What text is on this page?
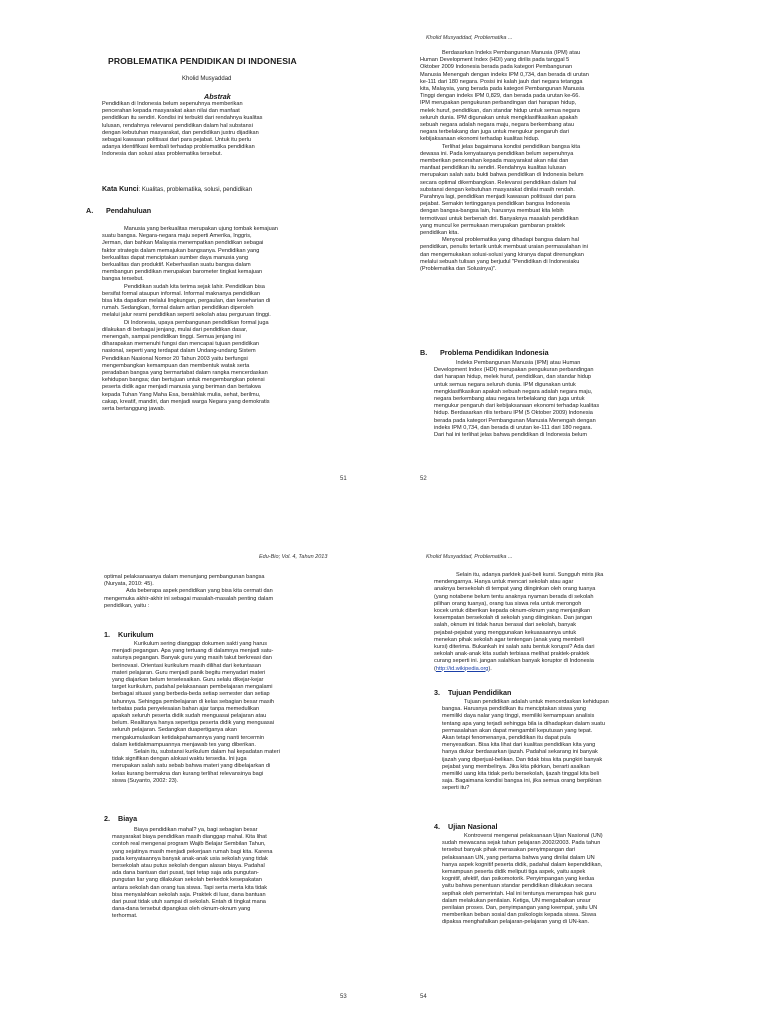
PROBLEMATIKA PENDIDIKAN DI INDONESIA
Kholid Musyaddad
Abstrak
Pendidikan di Indonesia belum sepenuhnya memberikan
pencerahan kepada masyarakat akan nilai dan manfaat
pendidikan itu sendiri. Kondisi ini terbukti dari rendahnya kualitas
lulusan, rendahnya relevansi pendidikan dalam hal substansi
dengan kebutuhan masyarakat, dan pendidikan justru dijadikan
sebagai kawasan politisasi dari para pejabat. Untuk itu perlu
adanya identifikasi kembali terhadap problematika pendidikan
Indonesia dan solusi atas problematika tersebut.
Kata Kunci: Kualitas, problematika, solusi, pendidikan
A. Pendahuluan
Manusia yang berkualitas merupakan ujung tombak kemajuan
suatu bangsa. Negara-negara maju seperti Amerika, Inggris,
Jerman, dan bahkan Malaysia menempatkan pendidikan sebagai
faktor strategis dalam memajukan bangsanya. Pendidikan yang
berkualitas dapat menciptakan sumber daya manusia yang
berkualitas dan produktif. Keberhasilan suatu bangsa dalam
membangun pendidikan merupakan barometer tingkat kemajuan
bangsa tersebut.
Pendidikan sudah kita terima sejak lahir. Pendidikan bisa
bersifat formal ataupun informal. Informal maknanya pendidikan
bisa kita dapatkan melalui lingkungan, pergaulan, dan keseharian di
rumah. Sedangkan, formal dalam artian pendidikan diperoleh
melalui jalur resmi pendidikan seperti sekolah atau perguruan tinggi.
Di Indonesia, upaya pembangunan pendidikan formal juga
dilakukan di berbagai jenjang, mulai dari pendidikan dasar,
menengah, sampai pendidikan tinggi. Semua jenjang ini
diharapakan memenuhi fungsi dan mencapai tujuan pendidikan
nasional, seperti yang terdapat dalam Undang-undang Sistem
Pendidikan Nasional Nomor 20 Tahun 2003 yaitu berfungsi
mengembangkan kemampuan dan membentuk watak serta
peradaban bangsa yang bermartabat dalam rangka mencerdaskan
kehidupan bangsa; dan bertujuan untuk mengembangkan potensi
peserta didik agar menjadi manusia yang beriman dan bertakwa
kepada Tuhan Yang Maha Esa, berakhlak mulia, sehat, berilmu,
cakap, kreatif, mandiri, dan menjadi warga Negara yang demokratis
serta bertanggung jawab.
51
Kholid Musyaddad, Problematika ...
Berdasarkan Indeks Pembangunan Manusia (IPM) atau
Human Development Index (HDI) yang dirilis pada tanggal 5
Oktober 2009 Indonesia berada pada kategori Pembangunan
Manusia Menengah dengan indeks IPM 0,734, dan berada di urutan
ke-111 dari 180 negara. Posisi ini kalah jauh dari negara tetangga
kita, Malaysia, yang berada pada kategori Pembangunan Manusia
Tinggi dengan indeks IPM 0,829, dan berada pada urutan ke-66.
IPM merupakan pengukuran perbandingan dari harapan hidup,
melek huruf, pendidikan, dan standar hidup untuk semua negara
seluruh dunia. IPM digunakan untuk mengklasifikasikan apakah
sebuah negara adalah negara maju, negara berkembang atau
negara terbelakang dan juga untuk mengukur pengaruh dari
kebijaksanaan ekonomi terhadap kualitas hidup.
Terlihat jelas bagaimana kondisi pendidikan bangsa kita
dewasa ini. Pada kenyataanya pendidikan belum sepenuhnya
memberikan pencerahan kepada masyarakat akan nilai dan
manfaat pendidikan itu sendiri. Rendahnya kualitas lulusan
merupakan salah satu bukti bahwa pendidikan di Indonesia belum
secara optimal dikembangkan. Relevansi pendidikan dalam hal
substansi dengan kebutuhan masyarakat dinilai masih rendah.
Parahnya lagi, pendidikan menjadi kawasan politisasi dari para
pejabat. Semakin tertingganya pendidikan bangsa Indonesia
dengan bangsa-bangsa lain, harusnya membuat kita lebih
termotivasi untuk berbenah diri. Banyaknya masalah pendidikan
yang muncul ke permukaan merupakan gambaran praktek
pendidikan kita.
Menyoal problematika yang dihadapi bangsa dalam hal
pendidikan, penulis tertarik untuk membuat uraian permasalahan ini
dan mengemukakan solusi-solusi yang kiranya dapat direnungkan
melalui sebuah tulisan yang berjudul "Pendidikan di Indonesiaku
(Problematika dan Solusinya)".
B. Problema Pendidikan Indonesia
Indeks Pembangunan Manusia (IPM) atau Human
Development Index (HDI) merupakan pengukuran perbandingan
dari harapan hidup, melek huruf, pendidikan, dan standar hidup
untuk semua negara seluruh dunia. IPM digunakan untuk
mengklasifikasikan apakah sebuah negara adalah negara maju,
negara berkembang atau negara terbelakang dan juga untuk
mengukur pengaruh dari kebijaksanaan ekonomi terhadap kualitas
hidup. Berdasarkan rilis terbaru IPM (5 Oktober 2009) Indonesia
berada pada kategori Pembangunan Manusia Menengah dengan
indeks IPM 0,734, dan berada di urutan ke-111 dari 180 negara.
Dari hal ini terlihat jelas bahwa pendidikan di Indonesia belum
52
Edu-Bio; Vol. 4, Tahun 2013
optimal pelaksanaanya dalam menunjang pembangunan bangsa
(Nuryata, 2010: 45).
Ada beberapa aspek pendidikan yang bisa kita cermati dan
mengemuka akhir-akhir ini sebagai masalah-masalah penting dalam
pendidikan, yaitu :
1. Kurikulum
Kurikulum sering dianggap dokumen sakti yang harus
menjadi pegangan. Apa yang tertuang di dalamnya menjadi satu-
satunya pegangan. Banyak guru yang masih takut berkreasi dan
berinovasi. Orientasi kurikulum masih dilihat dari ketuntasan
materi pelajaran. Guru menjadi panik begitu menyadari materi
yang diajarkan belum terselesaikan. Guru selalu dikejar-kejar
target kurikulum, padahal pelaksanaan pembelajaran mengalami
berbagai situasi yang berbeda-beda setiap semester dan setiap
tahunnya. Sehingga pembelajaran di kelas sebagian besar masih
terbatas pada penyelesaian bahan ajar tanpa memedulikan
apakah seluruh peserta didik sudah menguasai pelajaran atau
belum. Realitanya hanya sepertiga peserta didik yang menguasai
seluruh pelajaran. Sedangkan duapertiganya akan
mengakumulasikan ketidakpahamannya yang nanti tercermin
dalam ketidakmampuannya menjawab tes yang diberikan.
Selain itu, substansi kurikulum dalam hal kepadatan materi
tidak signifikan dengan alokasi waktu tersedia. Ini juga
merupakan salah satu sebab bahwa materi yang dibelajarkan di
kelas kurang bermakna dan kurang terlihat relevansinya bagi
siswa (Suyanto, 2002: 23).
2. Biaya
Biaya pendidikan mahal? ya, bagi sebagian besar
masyarakat biaya pendidikan masih dianggap mahal. Kita lihat
contoh real mengenai program Wajib Belajar Sembilan Tahun,
yang sejatinya masih menjadi pekerjaan rumah bagi kita. Karena
pada kenyataannya banyak anak-anak usia sekolah yang tidak
bersekolah atau putus sekolah dengan alasan biaya. Padahal
ada dana bantuan dari pusat, tapi tetap saja ada pungutan-
pungutan liar yang dilakukan sekolah berkedok kesepakatan
antara sekolah dan orang tua siswa. Tapi serta merta kita tidak
bisa menyalahkan sekolah saja. Praktek di luar, dana bantuan
dari pusat tidak utuh sampai di sekolah. Entah di tingkat mana
dana-dana tersebut dipangkas oleh oknum-oknum yang
terhormat.
53
Kholid Musyaddad, Problematika ...
Selain itu, adanya parktek jual-beli kursi. Sungguh miris jika
mendengarnya. Hanya untuk mencari sekolah atau agar
anaknya bersekolah di tempat yang diinginkan oleh orang tuanya
(yang notabene belum tentu anaknya nyaman berada di sekolah
pilihan orang tuanya), orang tua siswa rela untuk merongoh
kocek untuk diberikan kepada oknum-oknum yang menjanjikan
kesempatan bersekolah di sekolah yang diinginkan. Dan jangan
salah, oknum ini tidak harus berasal dari sekolah, banyak
pejabat-pejabat yang menggunakan kekuasaannya untuk
menekan pihak sekolah agar tentengan (anak yang membeli
kursi) diterima. Bukankah ini salah satu bentuk korupsi? Ada dari
sekolah anak-anak kita sudah terbiasa melihat praktek-praktek
curang seperti ini. jangan salahkan banyak koruptor di Indonesia
(http://id.wikipedia.org).
3. Tujuan Pendidikan
Tujuan pendidikan adalah untuk mencerdaskan kehidupan
bangsa. Harusnya pendidikan itu menciptakan siswa yang
memiliki daya nalar yang tinggi, memiliki kemampuan analisis
tentang apa yang terjadi sehingga bila ia dihadapkan dalam suatu
permasalahan akan dapat mengambil keputusan yang tepat.
Akan tetapi fenomenanya, pendidikan itu dapat pula
menyesatkan. Bisa kita lihat dari kualitas pendidikan kita yang
hanya diukur berdasarkan ijazah. Padahal sekarang ini banyak
ijazah yang diperjual-belikan. Dan tidak bisa kita pungkiri banyak
pejabat yang membelinya. Jika kita pikirkan, berarti asalkan
memiliki uang kita tidak perlu bersekolah, ijazah tinggal kita beli
saja. Bagaimana kondisi bangsa ini, jika semua orang berpikiran
seperti itu?
4. Ujian Nasional
Kontroversi mengenai pelaksanaan Ujian Nasional (UN)
sudah mewacana sejak tahun pelajaran 2002/2003. Pada tahun
tersebut banyak pihak merasakan penyimpangan dari
pelaksanaan UN, yang pertama bahwa yang dinilai dalam UN
hanya aspek kognitif peserta didik, padahal dalam kependidikan,
kemampuan peserta didik meliputi tiga aspek, yaitu aspek
kognitif, afektif, dan psikomotorik. Penyimpangan yang kedua
yaitu bahwa penentuan standar pendidikan dilakukan secara
sepihak oleh pemerintah. Hal ini tentunya merampas hak guru
dalam melakukan penilaian. Ketiga, UN mengabaikan unsur
penilaian proses. Dan, penyimpangan yang keempat, yaitu UN
memberikan beban sosial dan psikologis kepada siswa. Siswa
dipaksa menghafalkan pelajaran-pelajaran yang di UN-kan.
54
